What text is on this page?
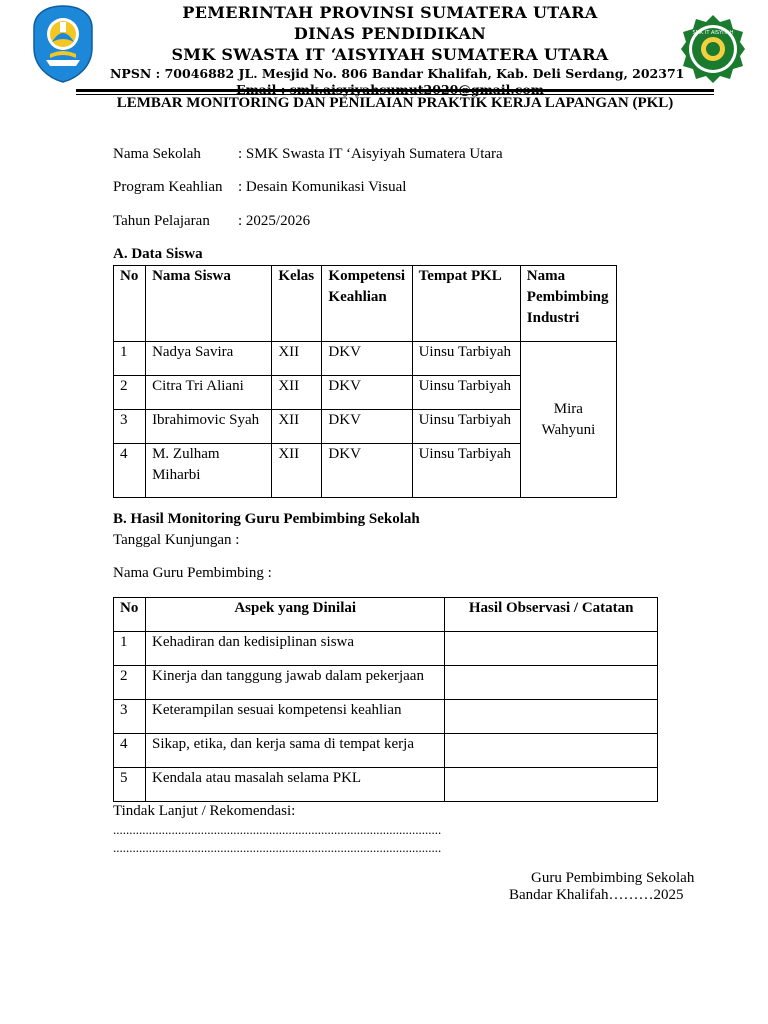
SMK IT AISYIYAH
PEMERINTAH PROVINSI SUMATERA UTARA
DINAS PENDIDIKAN
SMK SWASTA IT ‘AISYIYAH SUMATERA UTARA
NPSN : 70046882 JL. Mesjid No. 806 Bandar Khalifah, Kab. Deli Serdang, 202371
Email : smk.aisyiyahsumut2020@gmail.com
LEMBAR MONITORING DAN PENILAIAN PRAKTIK KERJA LAPANGAN (PKL)
Nama Sekolah : SMK Swasta IT ‘Aisyiyah Sumatera Utara
Program Keahlian : Desain Komunikasi Visual
Tahun Pelajaran : 2025/2026
A. Data Siswa
No	Nama Siswa	Kelas	Kompetensi Keahlian	Tempat PKL	Nama Pembimbing Industri
1	Nadya Savira	XII	DKV	Uinsu Tarbiyah	Mira Wahyuni
2	Citra Tri Aliani	XII	DKV	Uinsu Tarbiyah	
3	Ibrahimovic Syah	XII	DKV	Uinsu Tarbiyah	
4	M. Zulham Miharbi	XII	DKV	Uinsu Tarbiyah	
B. Hasil Monitoring Guru Pembimbing Sekolah
Tanggal Kunjungan :
Nama Guru Pembimbing :
No	Aspek yang Dinilai	Hasil Observasi / Catatan
1	Kehadiran dan kedisiplinan siswa	
2	Kinerja dan tanggung jawab dalam pekerjaan	
3	Keterampilan sesuai kompetensi keahlian	
4	Sikap, etika, dan kerja sama di tempat kerja	
5	Kendala atau masalah selama PKL	
Tindak Lanjut / Rekomendasi:
.....................................................................................................
.....................................................................................................
Guru Pembimbing Sekolah
Bandar Khalifah………2025
